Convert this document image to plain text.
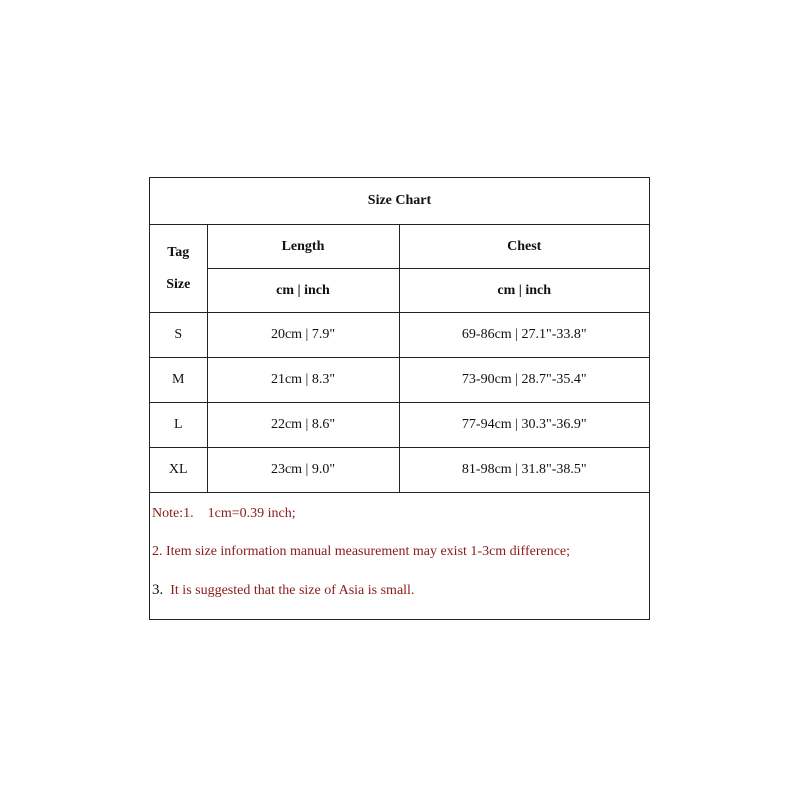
Size Chart		

Tag
Size	Length	Chest
	cm | inch	cm | inch
S	20cm | 7.9"	69-86cm | 27.1"-33.8"
M	21cm | 8.3"	73-90cm | 28.7"-35.4"
L	22cm | 8.6"	77-94cm | 30.3"-36.9"
XL	23cm | 9.0"	81-98cm | 31.8"-38.5"
Note:1. 1cm=0.39 inch;
2. Item size information manual measurement may exist 1-3cm difference;
3. It is suggested that the size of Asia is small.
